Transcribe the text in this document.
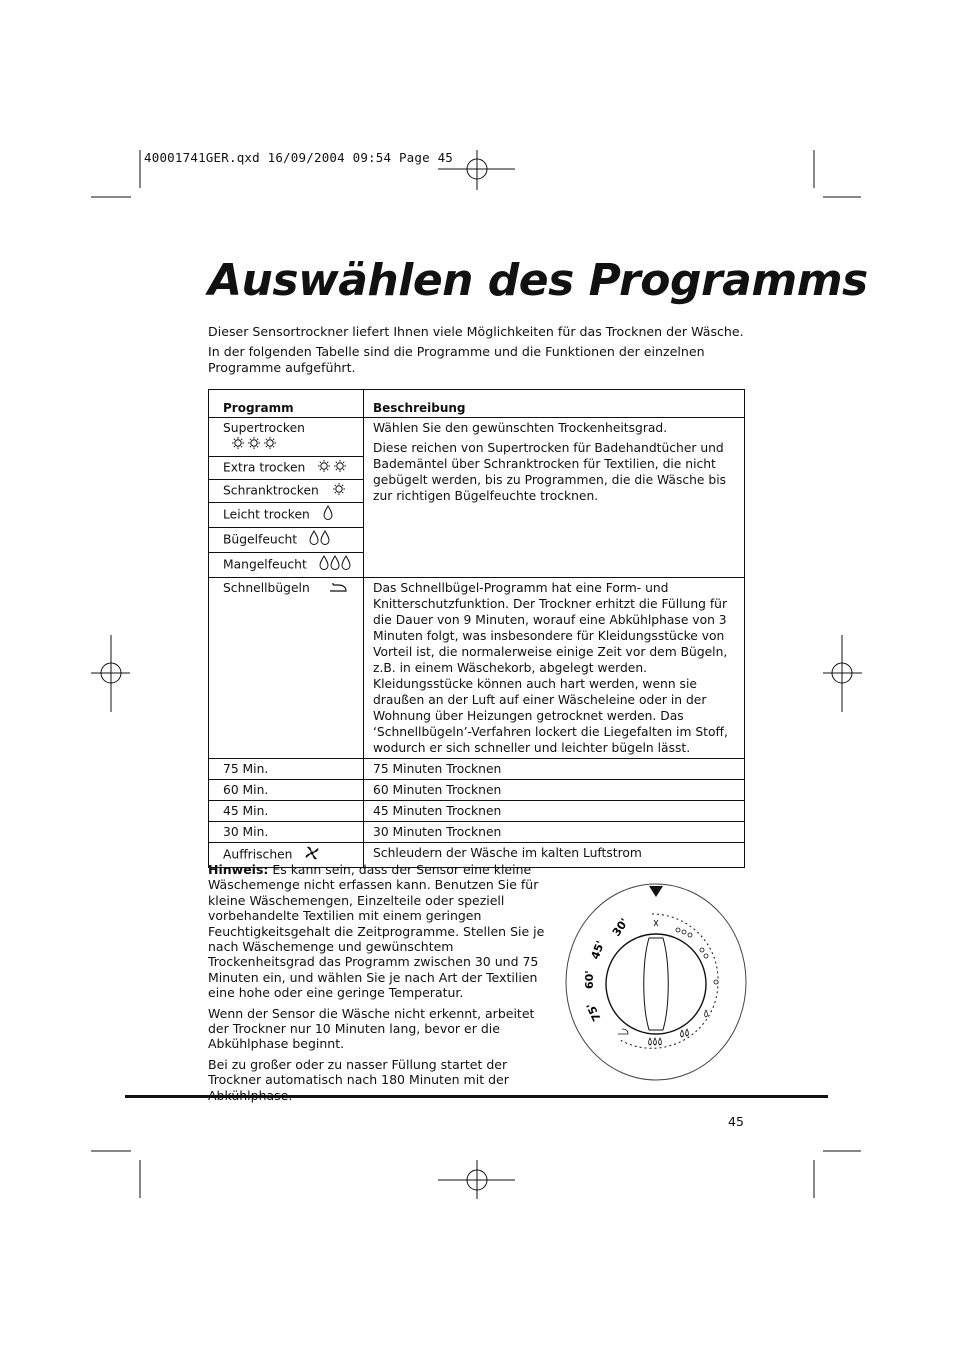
40001741GER.qxd 16/09/2004 09:54 Page 45
Auswählen des Programms
Dieser Sensortrockner liefert Ihnen viele Möglichkeiten für das Trocknen der Wäsche.
In der folgenden Tabelle sind die Programme und die Funktionen der einzelnen Programme aufgeführt.
Programm	Beschreibung
Supertrocken	Wählen Sie den gewünschten Trockenheitsgrad.
Diese reichen von Supertrocken für Badehandtücher und Bademäntel über Schranktrocken für Textilien, die nicht gebügelt werden, bis zu Programmen, die die Wäsche bis zur richtigen Bügelfeuchte trocknen.

Extra trocken	
Schranktrocken	
Leicht trocken	
Bügelfeucht	
Mangelfeucht	
Schnellbügeln	Das Schnellbügel-Programm hat eine Form- und Knitterschutzfunktion. Der Trockner erhitzt die Füllung für die Dauer von 9 Minuten, worauf eine Abkühlphase von 3 Minuten folgt, was insbesondere für Kleidungsstücke von Vorteil ist, die normalerweise einige Zeit vor dem Bügeln, z.B. in einem Wäschekorb, abgelegt werden. Kleidungsstücke können auch hart werden, wenn sie draußen an der Luft auf einer Wäscheleine oder in der Wohnung über Heizungen getrocknet werden. Das ‘Schnellbügeln’-Verfahren lockert die Liegefalten im Stoff, wodurch er sich schneller und leichter bügeln lässt.
75 Min.	75 Minuten Trocknen
60 Min.	60 Minuten Trocknen
45 Min.	45 Minuten Trocknen
30 Min.	30 Minuten Trocknen
Auffrischen	Schleudern der Wäsche im kalten Luftstrom

Hinweis: Es kann sein, dass der Sensor eine kleine Wäschemenge nicht erfassen kann. Benutzen Sie für kleine Wäschemengen, Einzelteile oder speziell vorbehandelte Textilien mit einem geringen Feuchtigkeitsgehalt die Zeitprogramme. Stellen Sie je nach Wäschemenge und gewünschtem Trockenheitsgrad das Programm zwischen 30 und 75 Minuten ein, und wählen Sie je nach Art der Textilien eine hohe oder eine geringe Temperatur.

Wenn der Sensor die Wäsche nicht erkennt, arbeitet der Trockner nur 10 Minuten lang, bevor er die Abkühlphase beginnt.

Bei zu großer oder zu nasser Füllung startet der Trockner automatisch nach 180 Minuten mit der

30'
45'
60'
75'
45
